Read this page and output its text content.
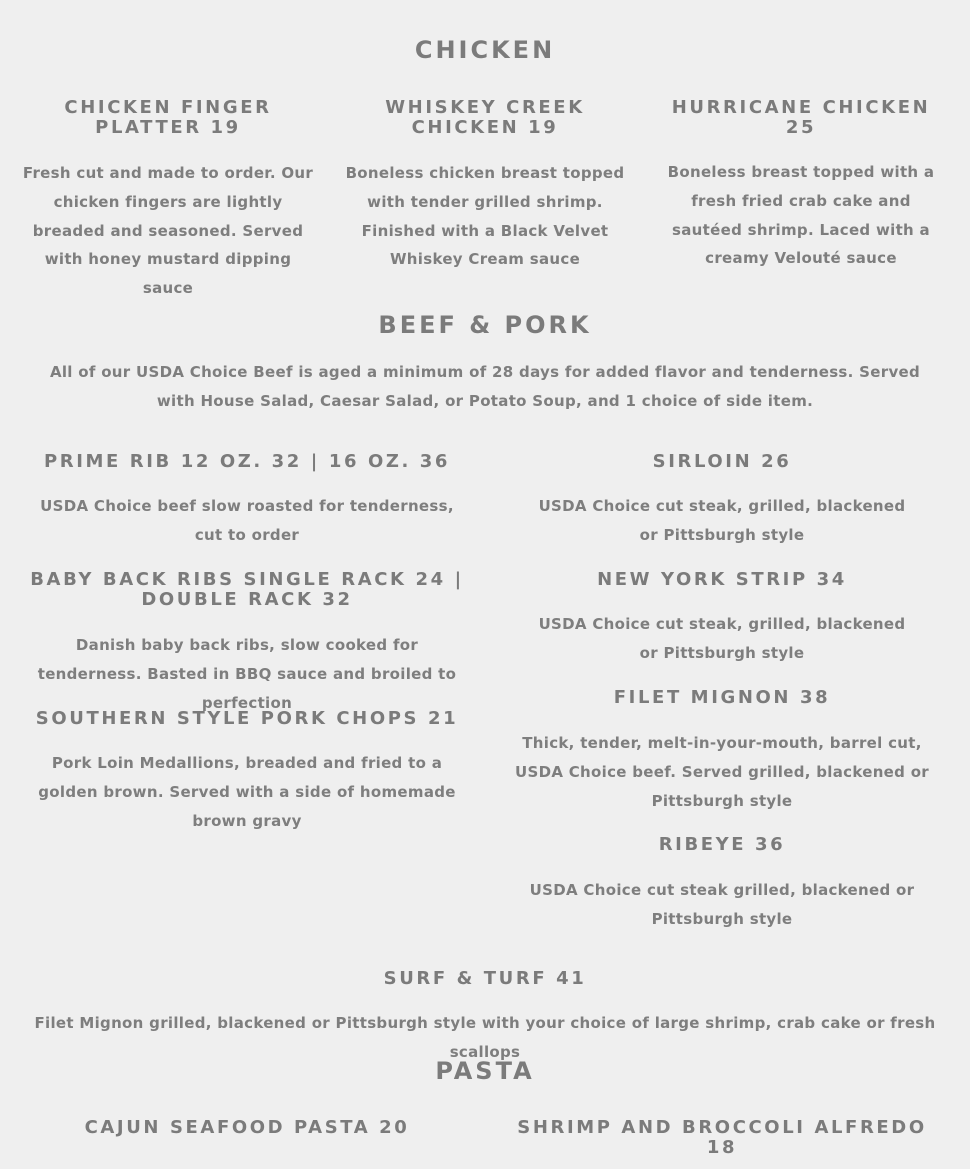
CHICKEN
CHICKEN FINGER PLATTER 19

Fresh cut and made to order. Our chicken fingers are lightly breaded and seasoned. Served with honey mustard dipping sauce

WHISKEY CREEK CHICKEN 19

Boneless chicken breast topped with tender grilled shrimp. Finished with a Black Velvet Whiskey Cream sauce

HURRICANE CHICKEN 25

Boneless breast topped with a fresh fried crab cake and sautéed shrimp. Laced with a creamy Velouté sauce

BEEF & PORK

All of our USDA Choice Beef is aged a minimum of 28 days for added flavor and tenderness. Served with House Salad, Caesar Salad, or Potato Soup, and 1 choice of side item.

PRIME RIB 12 OZ. 32 | 16 OZ. 36

USDA Choice beef slow roasted for tenderness, cut to order

BABY BACK RIBS SINGLE RACK 24 | DOUBLE RACK 32

Danish baby back ribs, slow cooked for tenderness. Basted in BBQ sauce and broiled to perfection

SOUTHERN STYLE PORK CHOPS 21

Pork Loin Medallions, breaded and fried to a golden brown. Served with a side of homemade brown gravy

SIRLOIN 26

USDA Choice cut steak, grilled, blackened or Pittsburgh style

NEW YORK STRIP 34

USDA Choice cut steak, grilled, blackened or Pittsburgh style

FILET MIGNON 38

Thick, tender, melt-in-your-mouth, barrel cut, USDA Choice beef. Served grilled, blackened or Pittsburgh style

RIBEYE 36

USDA Choice cut steak grilled, blackened or Pittsburgh style

SURF & TURF 41

Filet Mignon grilled, blackened or Pittsburgh style with your choice of large shrimp, crab cake or fresh scallops

PASTA
CAJUN SEAFOOD PASTA 20	SHRIMP AND BROCCOLI ALFREDO 18
